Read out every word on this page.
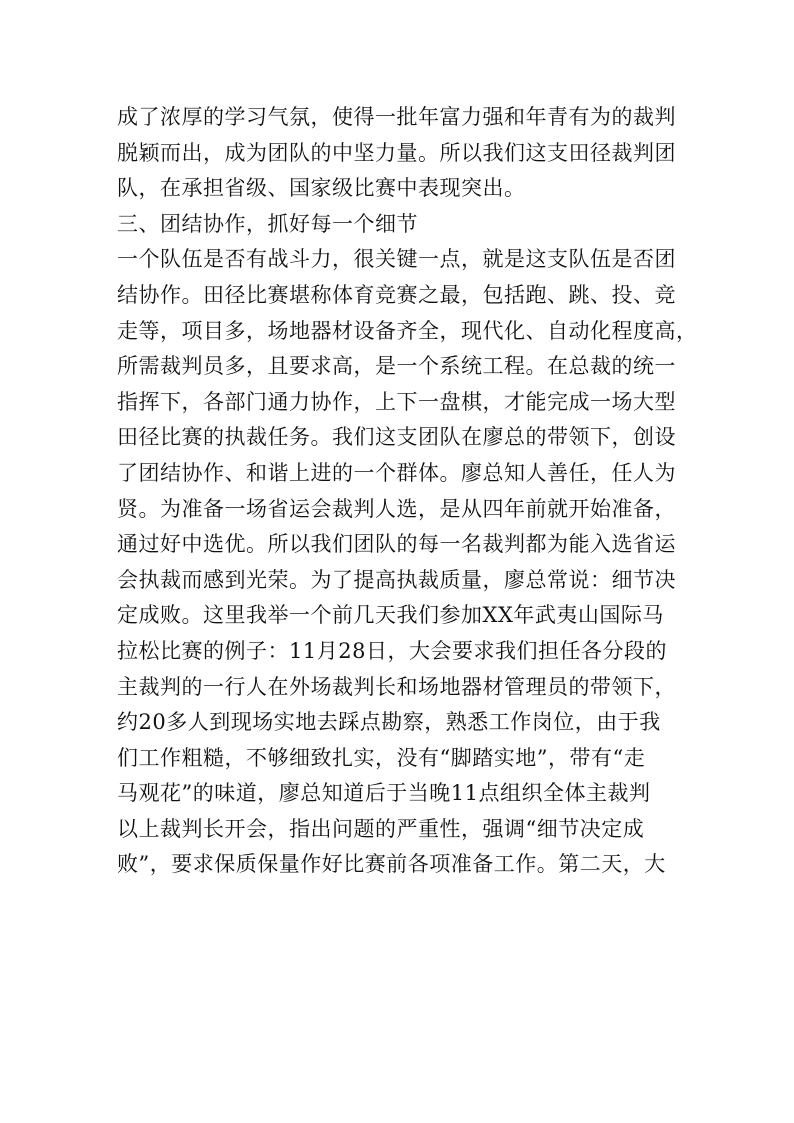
成了浓厚的学习气氛，使得一批年富力强和年青有为的裁判
脱颖而出，成为团队的中坚力量。所以我们这支田径裁判团
队，在承担省级、国家级比赛中表现突出。
三、团结协作，抓好每一个细节
一个队伍是否有战斗力，很关键一点，就是这支队伍是否团
结协作。田径比赛堪称体育竞赛之最，包括跑、跳、投、竞
走等，项目多，场地器材设备齐全，现代化、自动化程度高，
所需裁判员多，且要求高，是一个系统工程。在总裁的统一
指挥下，各部门通力协作，上下一盘棋，才能完成一场大型
田径比赛的执裁任务。我们这支团队在廖总的带领下，创设
了团结协作、和谐上进的一个群体。廖总知人善任，任人为
贤。为准备一场省运会裁判人选，是从四年前就开始准备，
通过好中选优。所以我们团队的每一名裁判都为能入选省运
会执裁而感到光荣。为了提高执裁质量，廖总常说：细节决
定成败。这里我举一个前几天我们参加XX年武夷山国际马
拉松比赛的例子：11月28日，大会要求我们担任各分段的
主裁判的一行人在外场裁判长和场地器材管理员的带领下，
约20多人到现场实地去踩点勘察，熟悉工作岗位，由于我
们工作粗糙，不够细致扎实，没有“脚踏实地”，带有“走
马观花”的味道，廖总知道后于当晚11点组织全体主裁判
以上裁判长开会，指出问题的严重性，强调“细节决定成
败”，要求保质保量作好比赛前各项准备工作。第二天，大
